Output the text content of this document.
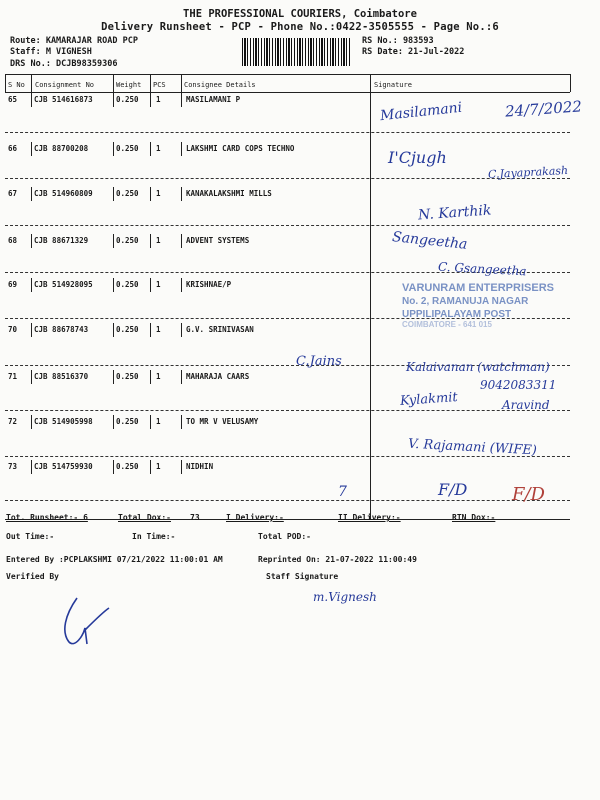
THE PROFESSIONAL COURIERS, Coimbatore
Delivery Runsheet - PCP - Phone No.:0422-3505555 - Page No.:6
Route: KAMARAJAR ROAD PCP
Staff: M VIGNESH
DRS No.: DCJB98359306
RS No.: 983593
RS Date: 21-Jul-2022
S No Consignment No	Weight PCS	Consignee Details	Signature
65 CJB 514616873	0.250 1	MASILAMANI P
66 CJB 88700208	0.250 1	LAKSHMI CARD COPS TECHNO
67 CJB 514960809	0.250 1	KANAKALAKSHMI MILLS
68 CJB 88671329	0.250 1	ADVENT SYSTEMS
69 CJB 514928095	0.250 1	KRISHNAE/P
70 CJB 88678743	0.250 1	G.V. SRINIVASAN
71 CJB 88516370	0.250 1	MAHARAJA CAARS
72 CJB 514905998	0.250 1	TO MR V VELUSAMY
73 CJB 514759930	0.250 1	NIDHIN
Tot. Runsheet:- 6	Total Dox:- 73	I Delivery:-	II Delivery:-	RTN Dox:-
Out Time:-	In Time:-	Total POD:-
Entered By :PCPLAKSHMI 07/21/2022 11:00:01 AM	Reprinted On: 21-07-2022 11:00:49
Verified By	Staff Signature
Masilamani	24/7/2022
C.Jayaprakash
I'Cjugh
N. Karthik
Sangeetha
C. Gsangeetha
VARUNRAM ENTERPRISERS
No. 2, RAMANUJA NAGAR
UPPILIPALAYAM POST
COIMBATORE - 641 015
C.Jains	Kalaivanan (watchman)
9042083311
Kylakmit	Aravind
V. Rajamani (WIFE)
7	F/D F/D
m.Vignesh
